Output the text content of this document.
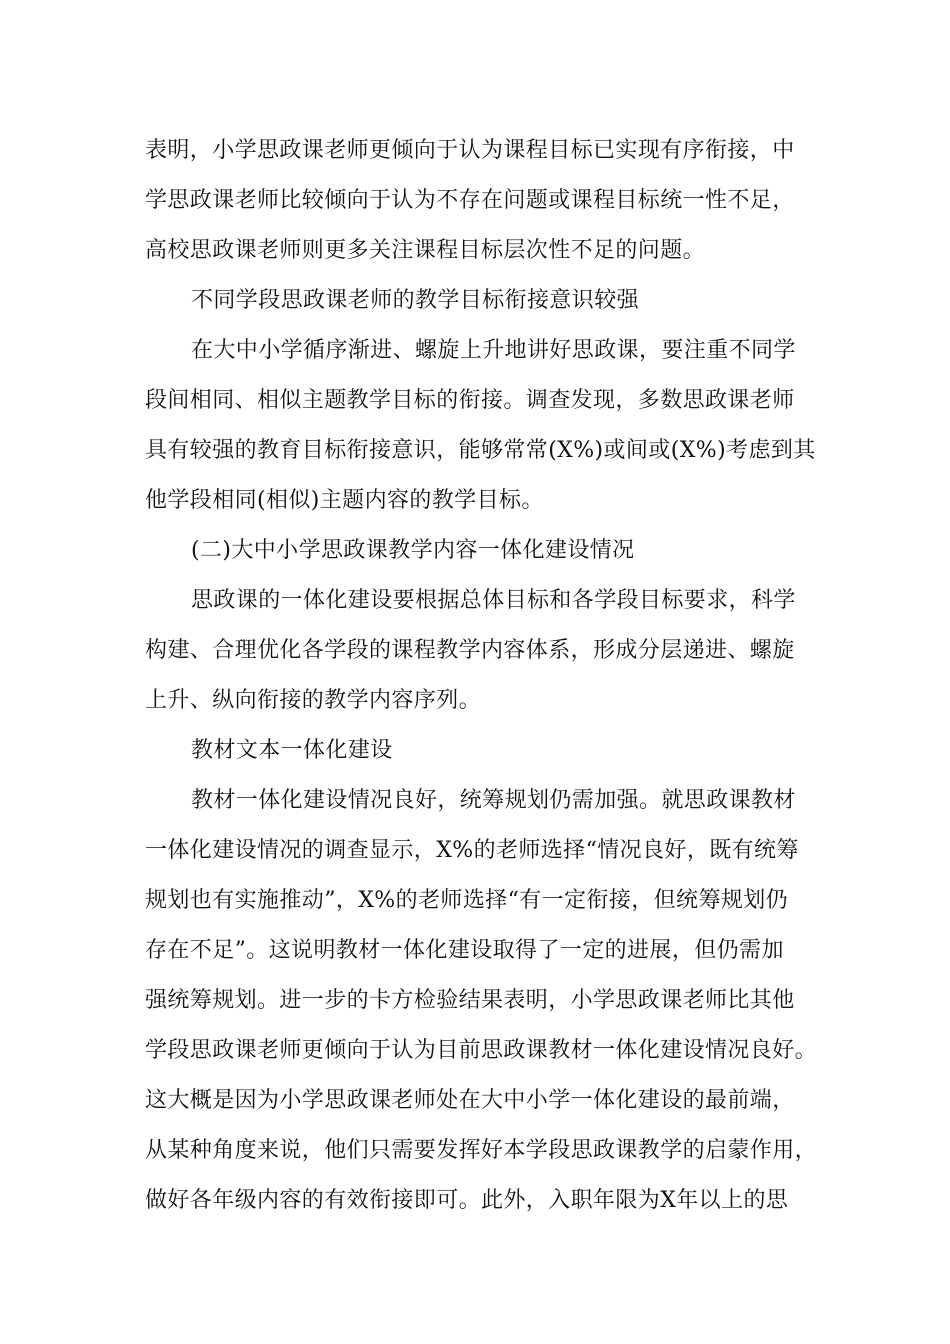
表明，小学思政课老师更倾向于认为课程目标已实现有序衔接，中
学思政课老师比较倾向于认为不存在问题或课程目标统一性不足，
高校思政课老师则更多关注课程目标层次性不足的问题。

不同学段思政课老师的教学目标衔接意识较强

在大中小学循序渐进、螺旋上升地讲好思政课，要注重不同学
段间相同、相似主题教学目标的衔接。调查发现，多数思政课老师
具有较强的教育目标衔接意识，能够常常(X%)或间或(X%)考虑到其
他学段相同(相似)主题内容的教学目标。

(二)大中小学思政课教学内容一体化建设情况

思政课的一体化建设要根据总体目标和各学段目标要求，科学
构建、合理优化各学段的课程教学内容体系，形成分层递进、螺旋
上升、纵向衔接的教学内容序列。

教材文本一体化建设

教材一体化建设情况良好，统筹规划仍需加强。就思政课教材
一体化建设情况的调查显示，X%的老师选择“情况良好，既有统筹
规划也有实施推动”，X%的老师选择“有一定衔接，但统筹规划仍
存在不足”。这说明教材一体化建设取得了一定的进展，但仍需加
强统筹规划。进一步的卡方检验结果表明，小学思政课老师比其他
学段思政课老师更倾向于认为目前思政课教材一体化建设情况良好。
这大概是因为小学思政课老师处在大中小学一体化建设的最前端，
从某种角度来说，他们只需要发挥好本学段思政课教学的启蒙作用，
做好各年级内容的有效衔接即可。此外，入职年限为X年以上的思
